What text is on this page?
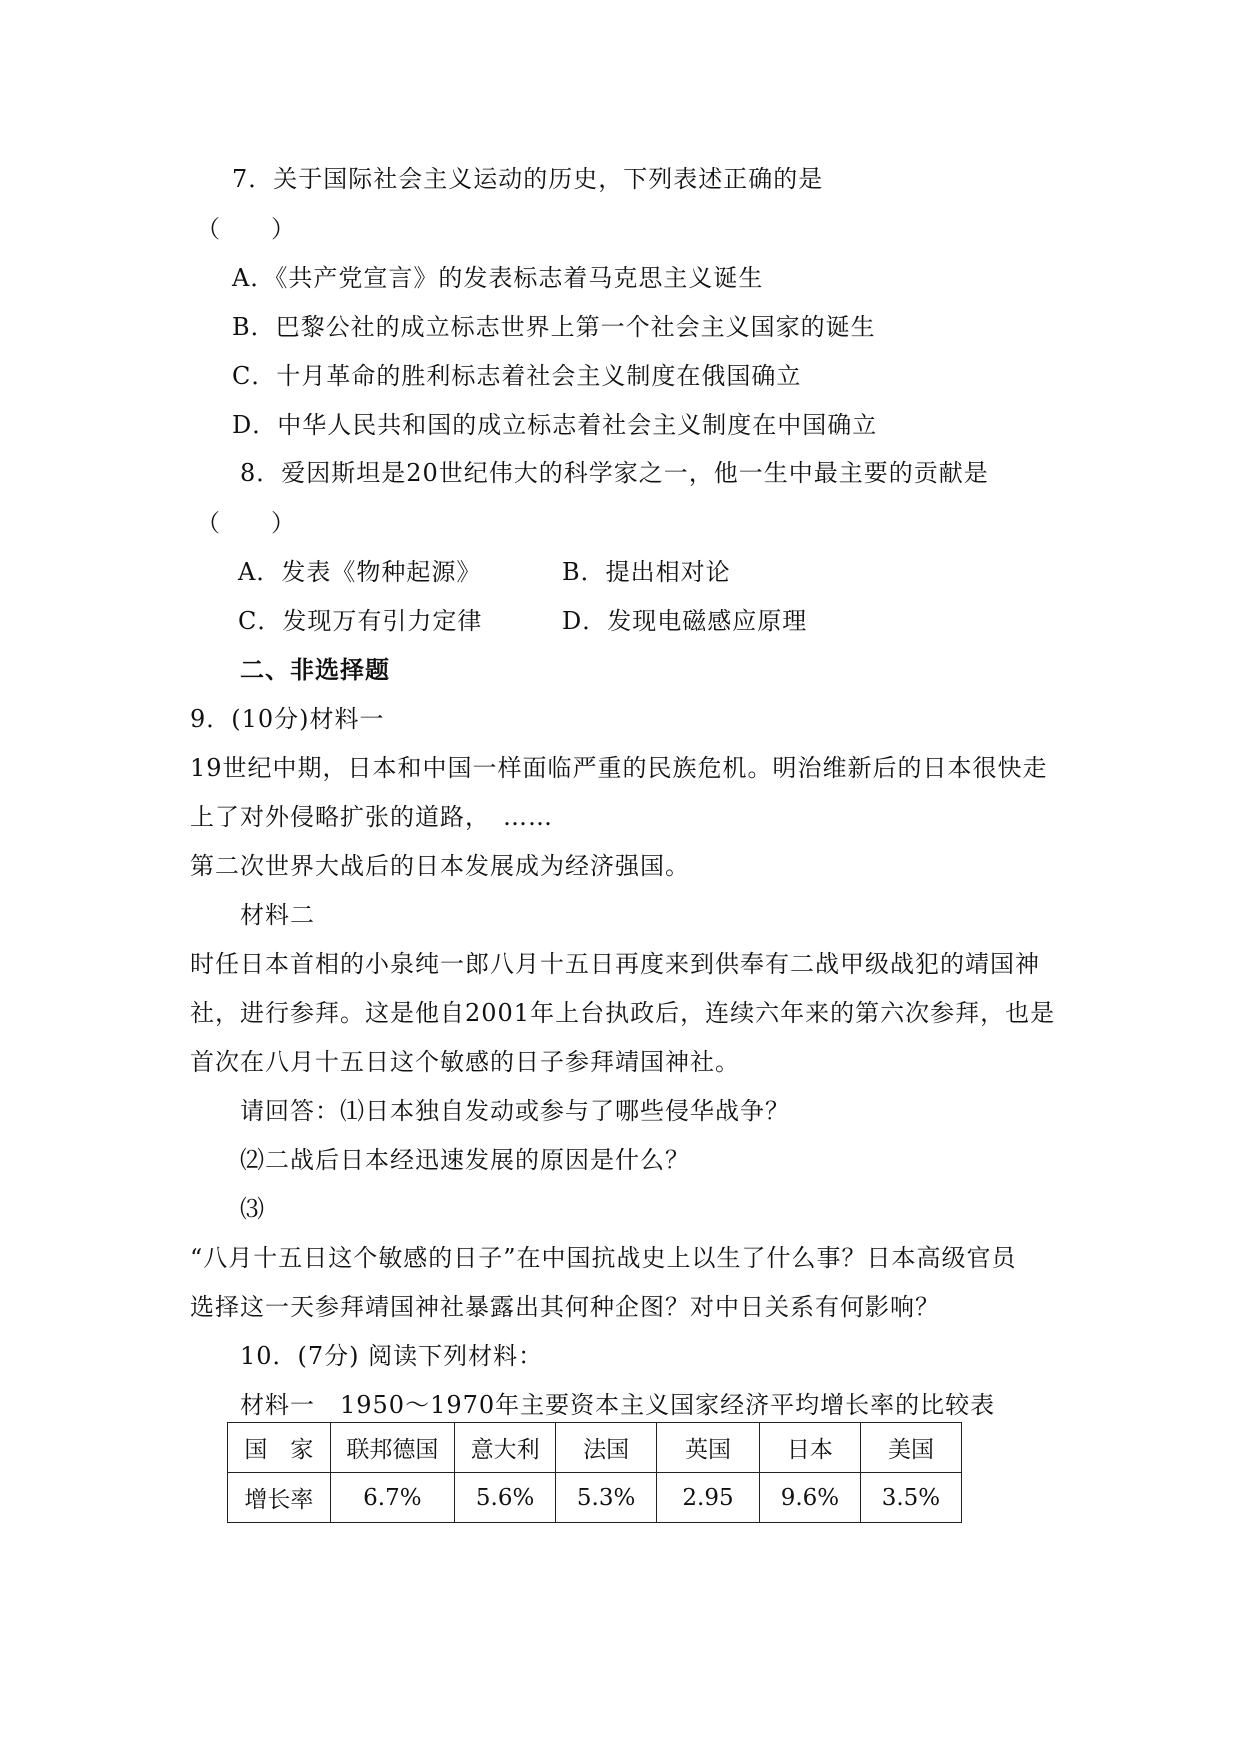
7．关于国际社会主义运动的历史，下列表述正确的是
（　　）
A．《共产党宣言》的发表标志着马克思主义诞生
B．巴黎公社的成立标志世界上第一个社会主义国家的诞生
C．十月革命的胜利标志着社会主义制度在俄国确立
D．中华人民共和国的成立标志着社会主义制度在中国确立
8．爱因斯坦是20世纪伟大的科学家之一，他一生中最主要的贡献是
（　　）
A．发表《物种起源》	B．提出相对论
C．发现万有引力定律	D．发现电磁感应原理
二、非选择题
9．(10分)材料一
19世纪中期，日本和中国一样面临严重的民族危机。明治维新后的日本很快走
上了对外侵略扩张的道路，　……
第二次世界大战后的日本发展成为经济强国。
材料二
时任日本首相的小泉纯一郎八月十五日再度来到供奉有二战甲级战犯的靖国神
社，进行参拜。这是他自2001年上台执政后，连续六年来的第六次参拜，也是
首次在八月十五日这个敏感的日子参拜靖国神社。
请回答：⑴日本独自发动或参与了哪些侵华战争？
⑵二战后日本经迅速发展的原因是什么？
⑶
“八月十五日这个敏感的日子”在中国抗战史上以生了什么事？日本高级官员
选择这一天参拜靖国神社暴露出其何种企图？对中日关系有何影响？
10．(7分) 阅读下列材料：
材料一　1950～1970年主要资本主义国家经济平均增长率的比较表
国　家	联邦德国	意大利	法国	英国	日本	美国
增长率	6.7%	5.6%	5.3%	2.95	9.6%	3.5%
